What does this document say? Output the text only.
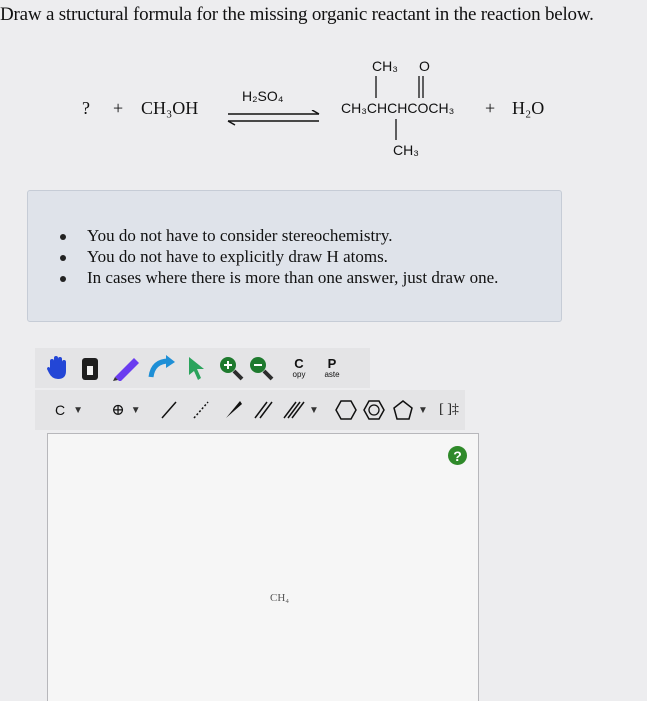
Draw a structural formula for the missing organic reactant in the reaction below.
? + CH₃OH
H₂SO₄
CH₃ O
CH₃CHCHCOCH₃
CH₃
+ H₂O
You do not have to consider stereochemistry.
You do not have to explicitly draw H atoms.
In cases where there is more than one answer, just draw one.
C
opy
P
aste
C ▼ ⊕ ▼	▼	▼ [ ]‡
?
CH₄
